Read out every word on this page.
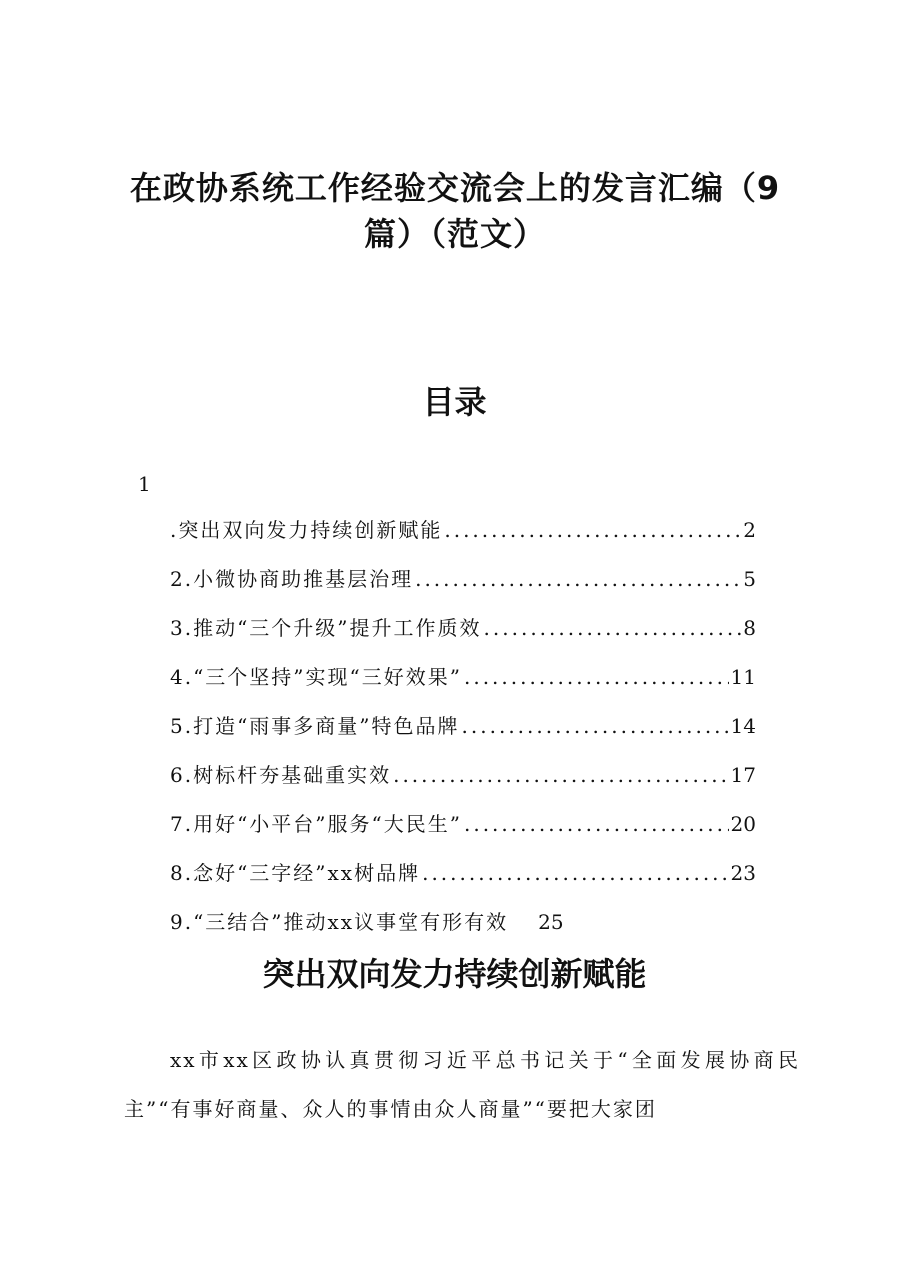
在政协系统工作经验交流会上的发言汇编（9篇）（范文）
目录
1
.突出双向发力持续创新赋能 .....	2
2.小微协商助推基层治理 .....	5
3.推动“三个升级”提升工作质效 .....	8
4.“三个坚持”实现“三好效果” .....	11
5.打造“雨事多商量”特色品牌 .....	14
6.树标杆夯基础重实效 .....	17
7.用好“小平台”服务“大民生” .....	20
8.念好“三字经”xx树品牌 .....	23
9.“三结合”推动xx议事堂有形有效 25
突出双向发力持续创新赋能

xx市xx区政协认真贯彻习近平总书记关于“全面发展协商民主”“有事好商量、众人的事情由众人商量”“要把大家团
